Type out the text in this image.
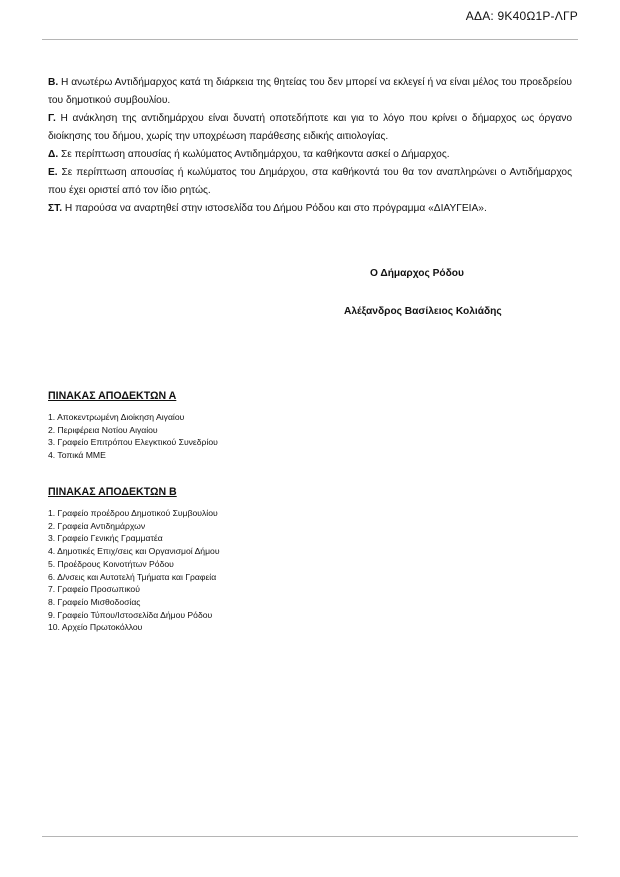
ΑΔΑ: 9Κ40Ω1Ρ-ΛΓΡ

Β. Η ανωτέρω Αντιδήμαρχος κατά τη διάρκεια της θητείας του δεν μπορεί να εκλεγεί ή να είναι μέλος του προεδρείου του δημοτικού συμβουλίου.

Γ. Η ανάκληση της αντιδημάρχου είναι δυνατή οποτεδήποτε και για το λόγο που κρίνει ο δήμαρχος ως όργανο διοίκησης του δήμου, χωρίς την υποχρέωση παράθεσης ειδικής αιτιολογίας.

Δ. Σε περίπτωση απουσίας ή κωλύματος Αντιδημάρχου, τα καθήκοντα ασκεί ο Δήμαρχος.

Ε. Σε περίπτωση απουσίας ή κωλύματος του Δημάρχου, στα καθήκοντά του θα τον αναπληρώνει ο Αντιδήμαρχος που έχει οριστεί από τον ίδιο ρητώς.

ΣΤ. Η παρούσα να αναρτηθεί στην ιστοσελίδα του Δήμου Ρόδου και στο πρόγραμμα «ΔΙΑΥΓΕΙΑ».

Ο Δήμαρχος Ρόδου
Αλέξανδρος Βασίλειος Κολιάδης
ΠΙΝΑΚΑΣ ΑΠΟΔΕΚΤΩΝ Α
1. Αποκεντρωμένη Διοίκηση Αιγαίου
2. Περιφέρεια Νοτίου Αιγαίου
3. Γραφείο Επιτρόπου Ελεγκτικού Συνεδρίου
4. Τοπικά ΜΜΕ
ΠΙΝΑΚΑΣ ΑΠΟΔΕΚΤΩΝ Β
1. Γραφείο προέδρου Δημοτικού Συμβουλίου
2. Γραφεία Αντιδημάρχων
3. Γραφείο Γενικής Γραμματέα
4. Δημοτικές Επιχ/σεις και Οργανισμοί Δήμου
5. Προέδρους Κοινοτήτων Ρόδου
6. Δ/νσεις και Αυτοτελή Τμήματα και Γραφεία
7. Γραφείο Προσωπικού
8. Γραφείο Μισθοδοσίας
9. Γραφείο Τύπου/Ιστοσελίδα Δήμου Ρόδου
10. Αρχείο Πρωτοκόλλου
